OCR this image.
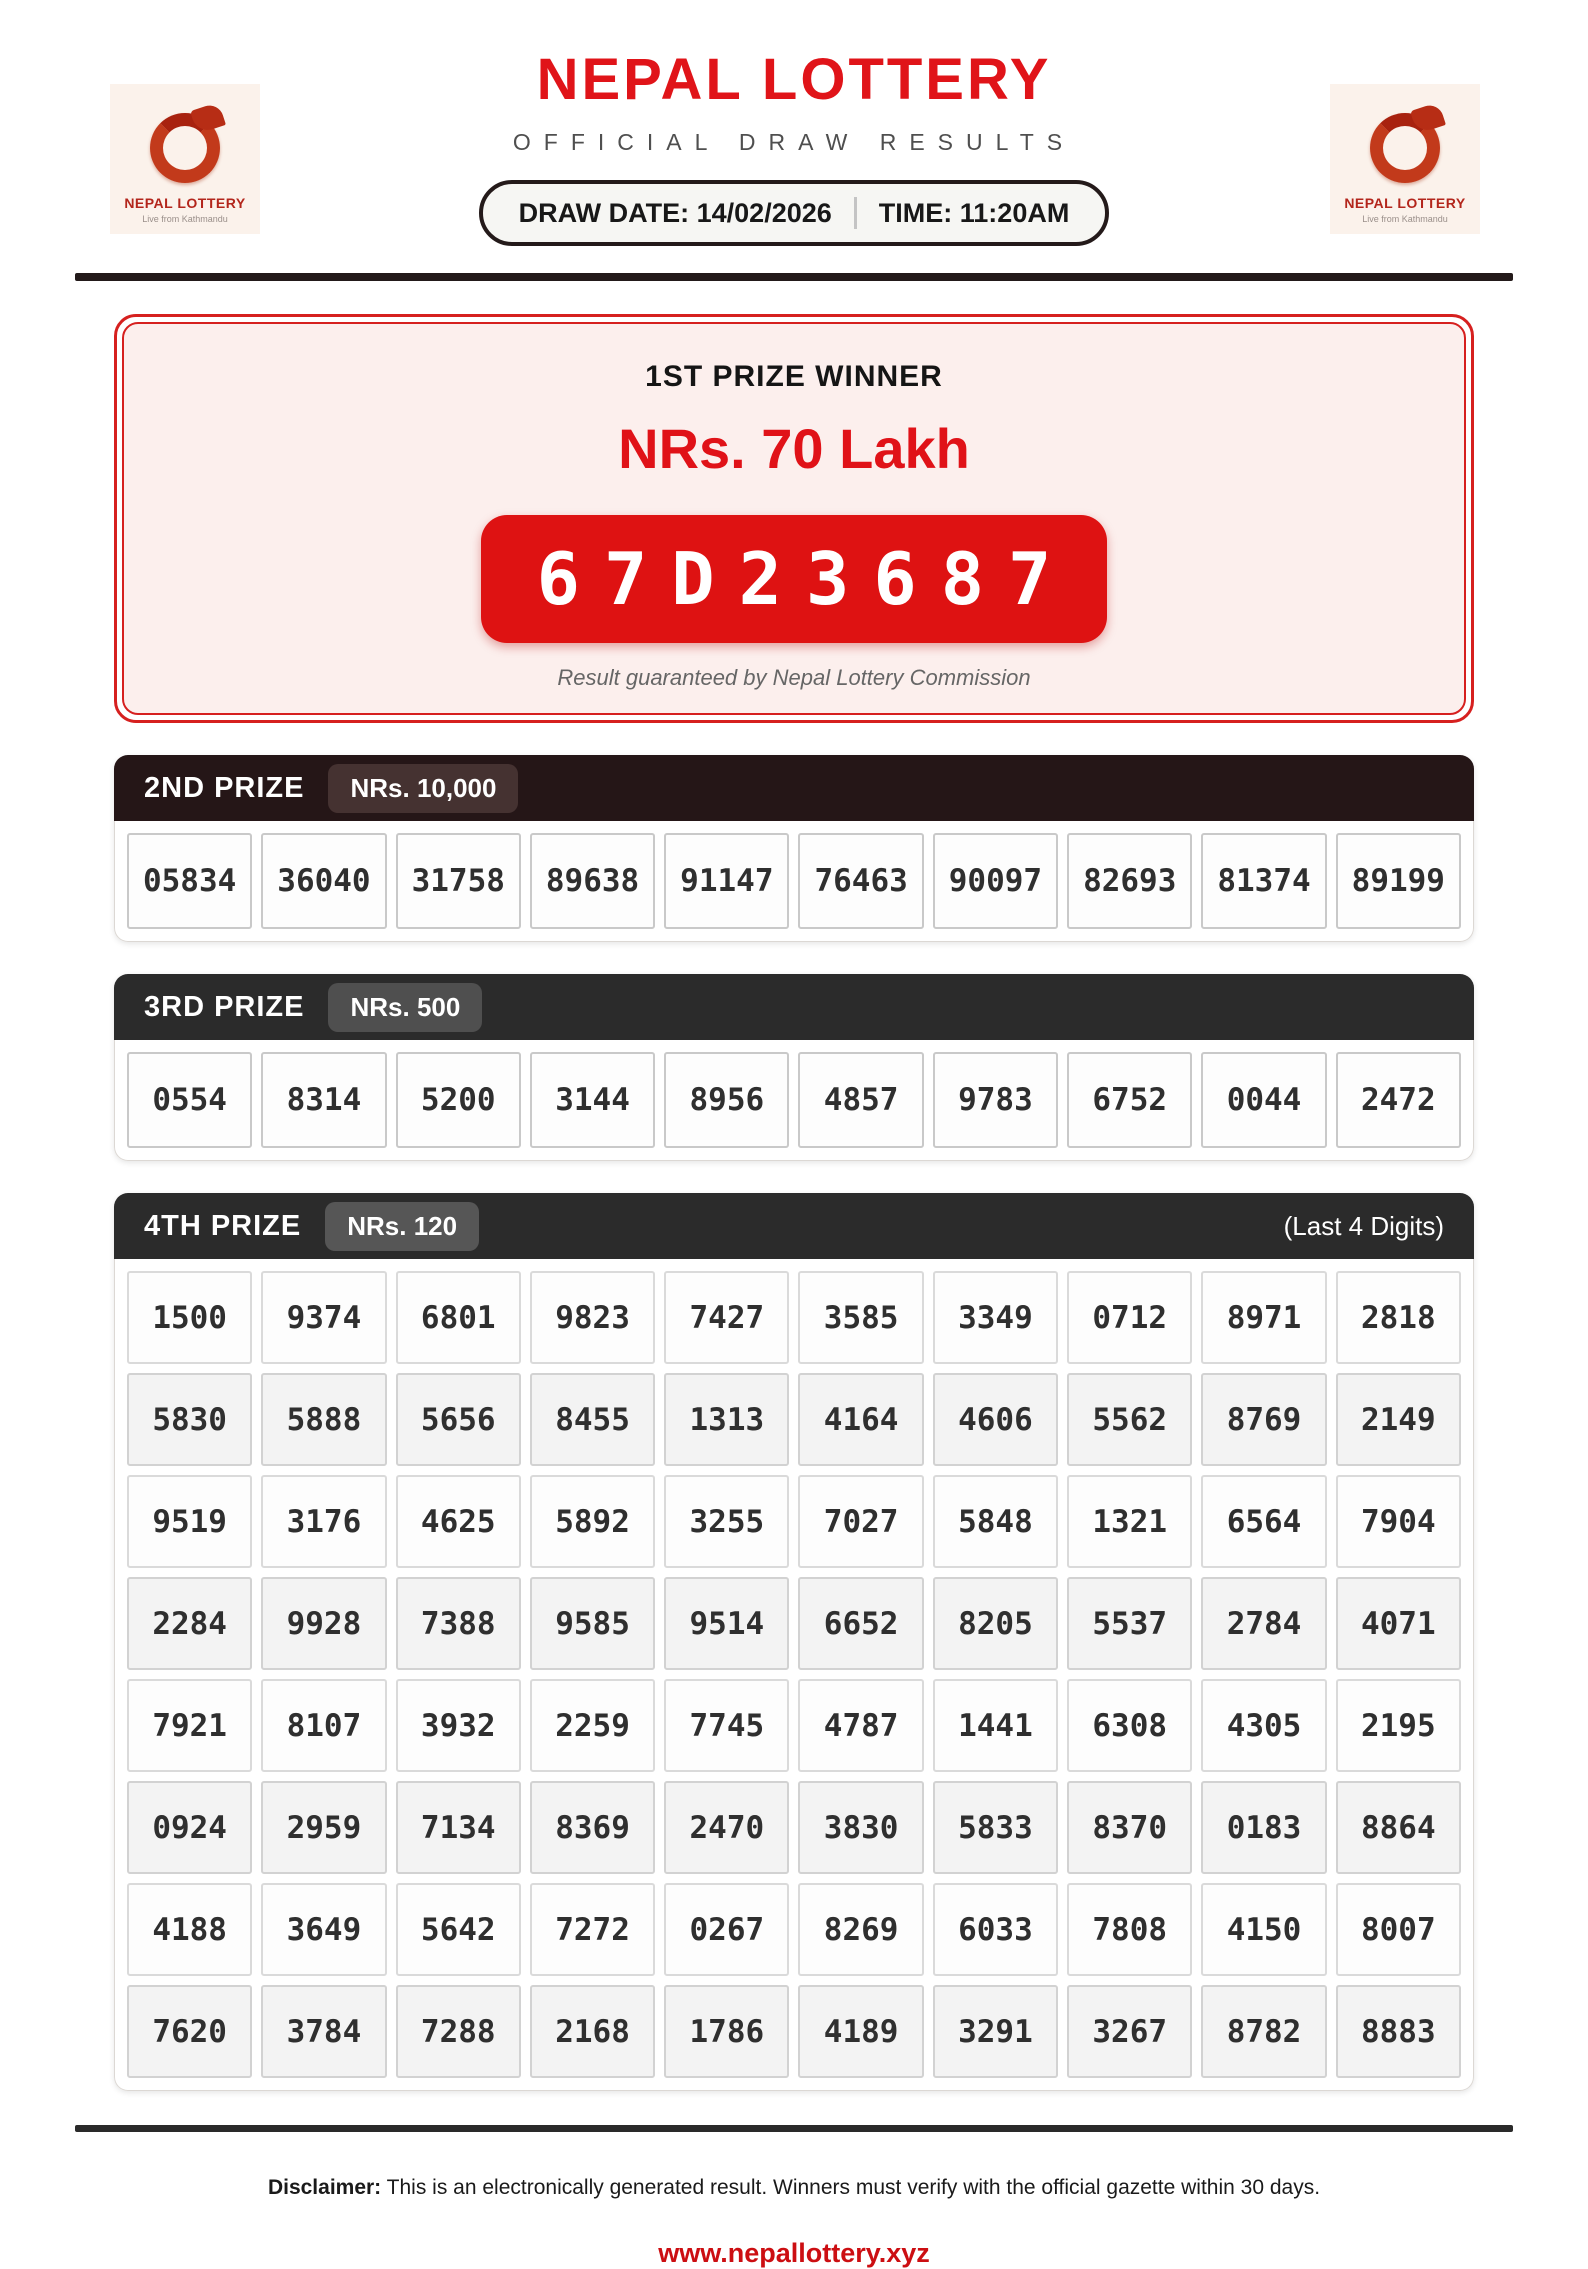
NEPAL LOTTERY
Live from Kathmandu
NEPAL LOTTERY
Live from Kathmandu
NEPAL LOTTERY
OFFICIAL DRAW RESULTS
DRAW DATE: 14/02/2026 TIME: 11:20AM
1ST PRIZE WINNER
NRs. 70 Lakh
67D23687
Result guaranteed by Nepal Lottery Commission
2ND PRIZE	NRs. 10,000
05834	36040	31758	89638	91147	76463	90097	82693	81374	89199
3RD PRIZE	NRs. 500
0554	8314	5200	3144	8956	4857	9783	6752	0044	2472
4TH PRIZE	NRs. 120	(Last 4 Digits)
1500	9374	6801	9823	7427	3585	3349	0712	8971	2818
5830	5888	5656	8455	1313	4164	4606	5562	8769	2149
9519	3176	4625	5892	3255	7027	5848	1321	6564	7904
2284	9928	7388	9585	9514	6652	8205	5537	2784	4071
7921	8107	3932	2259	7745	4787	1441	6308	4305	2195
0924	2959	7134	8369	2470	3830	5833	8370	0183	8864
4188	3649	5642	7272	0267	8269	6033	7808	4150	8007
7620	3784	7288	2168	1786	4189	3291	3267	8782	8883

Disclaimer: This is an electronically generated result. Winners must verify with the official gazette within 30 days.

www.nepallottery.xyz
